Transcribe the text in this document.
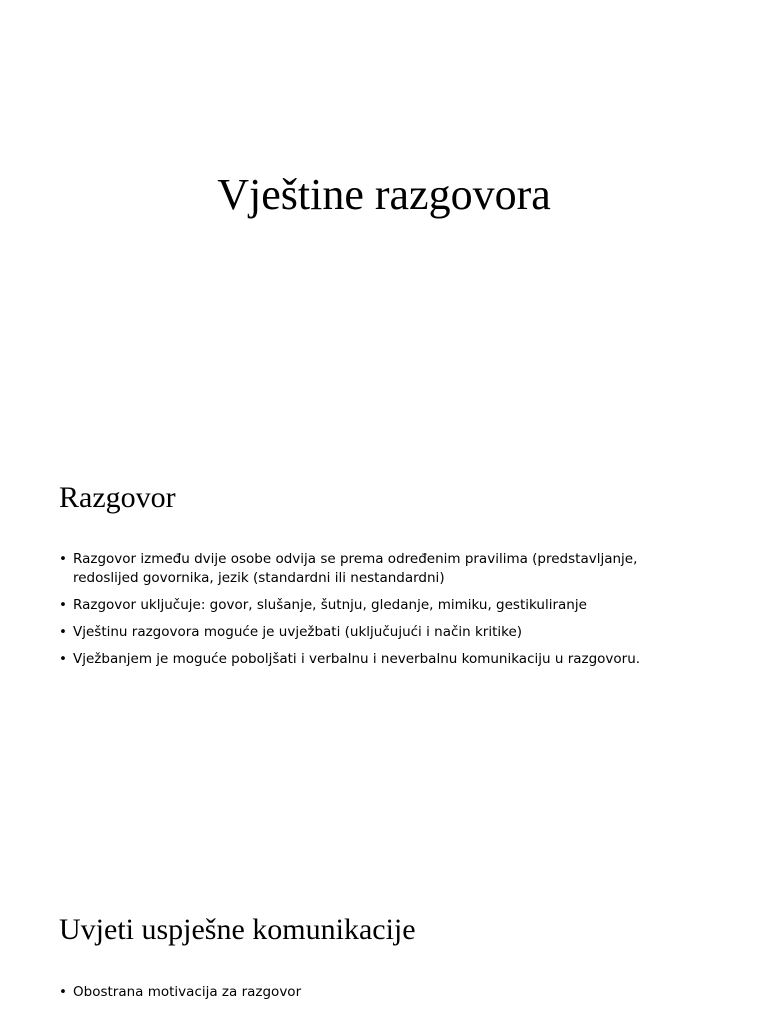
Vještine razgovora
Razgovor
• Razgovor između dvije osobe odvija se prema određenim pravilima (predstavljanje, redoslijed govornika, jezik (standardni ili nestandardni)
• Razgovor uključuje: govor, slušanje, šutnju, gledanje, mimiku, gestikuliranje
• Vještinu razgovora moguće je uvježbati (uključujući i način kritike)
• Vježbanjem je moguće poboljšati i verbalnu i neverbalnu komunikaciju u razgovoru.
Uvjeti uspješne komunikacije
• Obostrana motivacija za razgovor
